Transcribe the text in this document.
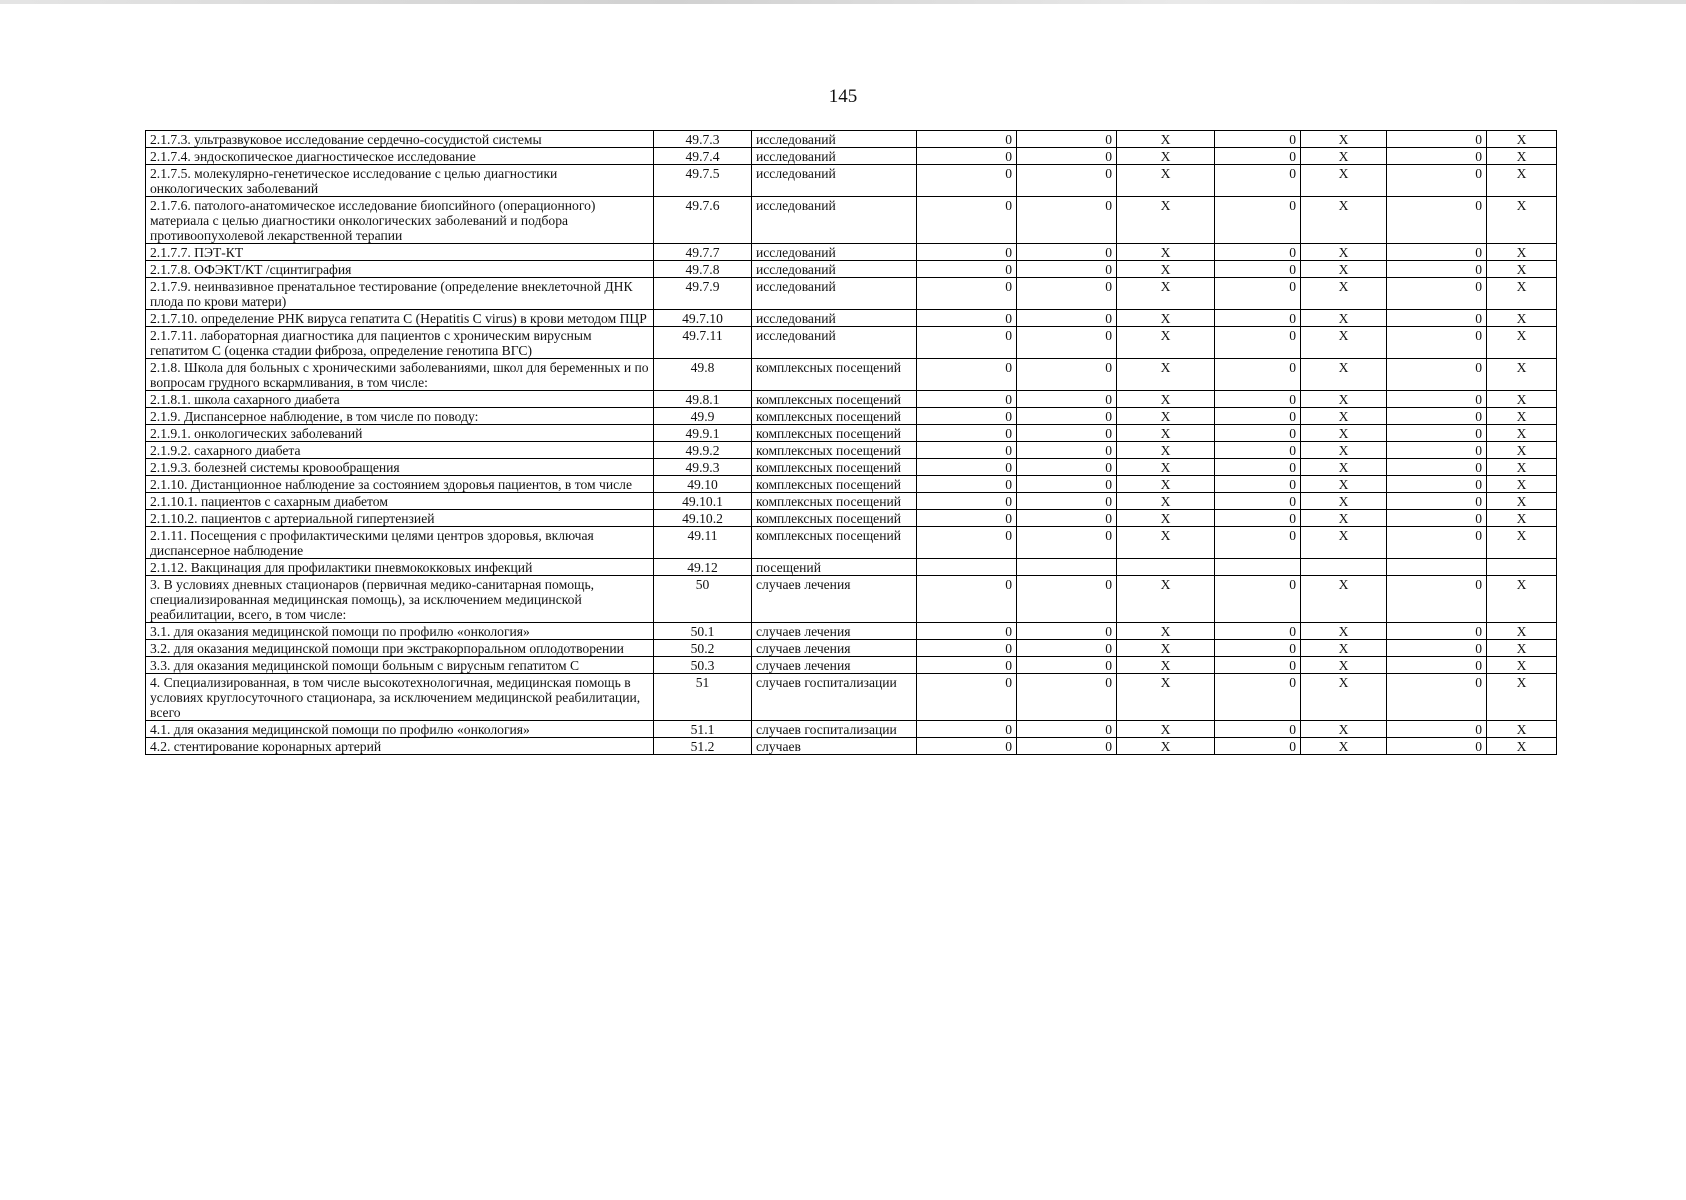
145
2.1.7.3. ультразвуковое исследование сердечно-сосудистой системы	49.7.3	исследований	0	0	X	0	X	0	X
2.1.7.4. эндоскопическое диагностическое исследование	49.7.4	исследований	0	0	X	0	X	0	X
2.1.7.5. молекулярно-генетическое исследование с целью диагностики онкологических заболеваний	49.7.5	исследований	0	0	X	0	X	0	X
2.1.7.6. патолого-анатомическое исследование биопсийного (операционного) материала с целью диагностики онкологических заболеваний и подбора противоопухолевой лекарственной терапии	49.7.6	исследований	0	0	X	0	X	0	X
2.1.7.7. ПЭТ-КТ	49.7.7	исследований	0	0	X	0	X	0	X
2.1.7.8. ОФЭКТ/КТ /сцинтиграфия	49.7.8	исследований	0	0	X	0	X	0	X
2.1.7.9. неинвазивное пренатальное тестирование (определение внеклеточной ДНК плода по крови матери)	49.7.9	исследований	0	0	X	0	X	0	X
2.1.7.10. определение РНК вируса гепатита С (Hepatitis C virus) в крови методом ПЦР	49.7.10	исследований	0	0	X	0	X	0	X
2.1.7.11. лабораторная диагностика для пациентов с хроническим вирусным гепатитом С (оценка стадии фиброза, определение генотипа ВГС)	49.7.11	исследований	0	0	X	0	X	0	X
2.1.8. Школа для больных с хроническими заболеваниями, школ для беременных и по вопросам грудного вскармливания, в том числе:	49.8	комплексных посещений	0	0	X	0	X	0	X
2.1.8.1. школа сахарного диабета	49.8.1	комплексных посещений	0	0	X	0	X	0	X
2.1.9. Диспансерное наблюдение, в том числе по поводу:	49.9	комплексных посещений	0	0	X	0	X	0	X
2.1.9.1. онкологических заболеваний	49.9.1	комплексных посещений	0	0	X	0	X	0	X
2.1.9.2. сахарного диабета	49.9.2	комплексных посещений	0	0	X	0	X	0	X
2.1.9.3. болезней системы кровообращения	49.9.3	комплексных посещений	0	0	X	0	X	0	X
2.1.10. Дистанционное наблюдение за состоянием здоровья пациентов, в том числе	49.10	комплексных посещений	0	0	X	0	X	0	X
2.1.10.1. пациентов с сахарным диабетом	49.10.1	комплексных посещений	0	0	X	0	X	0	X
2.1.10.2. пациентов с артериальной гипертензией	49.10.2	комплексных посещений	0	0	X	0	X	0	X
2.1.11. Посещения с профилактическими целями центров здоровья, включая диспансерное наблюдение	49.11	комплексных посещений	0	0	X	0	X	0	X
2.1.12. Вакцинация для профилактики пневмококковых инфекций	49.12	посещений							
3. В условиях дневных стационаров (первичная медико-санитарная помощь, специализированная медицинская помощь), за исключением медицинской реабилитации, всего, в том числе:	50	случаев лечения	0	0	X	0	X	0	X
3.1. для оказания медицинской помощи по профилю «онкология»	50.1	случаев лечения	0	0	X	0	X	0	X
3.2. для оказания медицинской помощи при экстракорпоральном оплодотворении	50.2	случаев лечения	0	0	X	0	X	0	X
3.3. для оказания медицинской помощи больным с вирусным гепатитом С	50.3	случаев лечения	0	0	X	0	X	0	X
4. Специализированная, в том числе высокотехнологичная, медицинская помощь в условиях круглосуточного стационара, за исключением медицинской реабилитации, всего	51	случаев госпитализации	0	0	X	0	X	0	X
4.1. для оказания медицинской помощи по профилю «онкология»	51.1	случаев госпитализации	0	0	X	0	X	0	X
4.2. стентирование коронарных артерий	51.2	случаев	0	0	X	0	X	0	X
